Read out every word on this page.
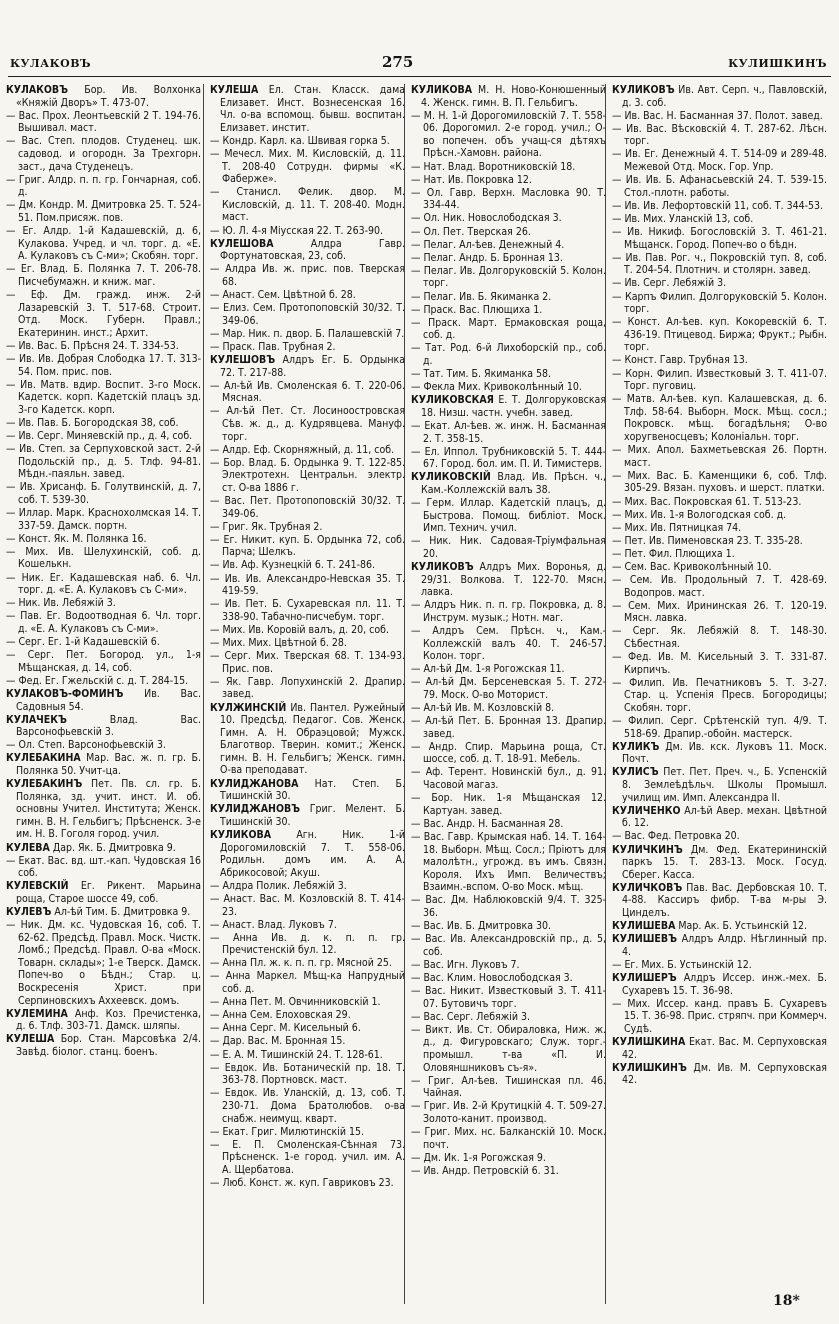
КУЛАКОВЪ	275	КУЛИШКИНЪ
КУЛАКОВЪ Бор. Ив. Волхонка «Княжій Дворъ» Т. 473-07.
— Вас. Прох. Леонтьевскій 2 Т. 194-76. Вышивал. маст.
— Вас. Степ. плодов. Студенец. шк. садовод. и огородн. За Трехгорн. заст., дача Студенецъ.
— Григ. Алдр. п. п. гр. Гончарная, соб. д.
— Дм. Кондр. М. Дмитровка 25. Т. 524-51. Пом.присяж. пов.
— Ег. Алдр. 1-й Кадашевскій, д. 6, Кулакова. Учред. и чл. торг. д. «Е. А. Кулаковъ съ С-ми»; Скобян. торг.
— Ег. Влад. Б. Полянка 7. Т. 206-78. Писчебумажн. и книж. маг.
— Еф. Дм. гражд. инж. 2-й Лазаревскій 3. Т. 517-68. Строит. Отд. Моск. Губерн. Правл.; Екатеринин. инст.; Архит.
— Ив. Вас. Б. Прѣсня 24. Т. 334-53.
— Ив. Ив. Добрая Слободка 17. Т. 313-54. Пом. прис. пов.
— Ив. Матв. вдир. Воспит. 3-го Моск. Кадетск. корп. Кадетскій плацъ зд. 3-го Кадетск. корп.
— Ив. Пав. Б. Богородская 38, соб.
— Ив. Серг. Миняевскій пр., д. 4, соб.
— Ив. Степ. за Серпуховской заст. 2-й Подольскій пр., д. 5. Тлф. 94-81. Мѣдн.-паяльн. завед.
— Ив. Хрисанф. Б. Голутвинскій, д. 7, соб. Т. 539-30.
— Иллар. Марк. Краснохолмская 14. Т. 337-59. Дамск. портн.
— Конст. Як. М. Полянка 16.
— Мих. Ив. Шелухинскій, соб. д. Кошелькн.
— Ник. Ег. Кадашевская наб. 6. Чл. торг. д. «Е. А. Кулаковъ съ С-ми».
— Ник. Ив. Лебяжій 3.
— Пав. Ег. Водоотводная 6. Чл. торг. д. «Е. А. Кулаковъ съ С-ми».
— Серг. Ег. 1-й Кадашевскій 6.
— Серг. Пет. Богород. ул., 1-я Мѣщанская, д. 14, соб.
— Фед. Ег. Гжельскій с. д. Т. 284-15.
КУЛАКОВЪ-ФОМИНЪ Ив. Вас. Садовныя 54.
КУЛАЧЕКЪ Влад. Вас. Варсонофьевскій 3.
— Ол. Степ. Варсонофьевскій 3.
КУЛЕБАКИНА Мар. Вас. ж. п. гр. Б. Полянка 50. Учит-ца.
КУЛЕБАКИНЪ Пет. Пв. сл. гр. Б. Полянка, зд. учит. инст. И. об. основны Учител. Института; Женск. гимн. В. Н. Гельбигъ; Прѣсненск. 3-е им. Н. В. Гоголя город. учил.
КУЛЕВА Дар. Як. Б. Дмитровка 9.
— Екат. Вас. вд. шт.-кап. Чудовская 16 соб.
КУЛЕВСКІЙ Ег. Рикент. Марьина роща, Старое шоссе 49, соб.
КУЛЕВЪ Ал-ѣй Тим. Б. Дмитровка 9.
— Ник. Дм. кс. Чудовская 16, соб. Т. 62-62. Предсѣд. Правл. Моск. Чистк. Ломб.; Предсѣд. Правл. О-ва «Моск. Товарн. склады»; 1-е Тверск. Дамск. Попеч-во о Бѣдн.; Стар. ц. Воскресенія Христ. при Серпиновскихъ Аххеевск. домъ.
КУЛЕМИНА Анф. Коз. Пречистенка, д. 6. Тлф. 303-71. Дамск. шляпы.
КУЛЕША Бор. Стан. Марсовѣка 2/4. Завѣд. біолог. станц. боенъ.
КУЛЕША Ел. Стан. Класск. дама Елизавет. Инст. Вознесенская 16. Чл. о-ва вспомощ. бывш. воспитан. Елизавет. инстит.
— Кондр. Карл. ка. Швивая горка 5.
— Мечесл. Мих. М. Кисловскій, д. 11. Т. 208-40 Сотрудн. фирмы «К. Фаберже».
— Станисл. Фелик. двор. М. Кисловскій, д. 11. Т. 208-40. Модн. маст.
— Ю. Л. 4-я Мiусская 22. Т. 263-90.
КУЛЕШОВА Алдра Гавр. Фортунатовская, 23, соб.
— Алдра Ив. ж. прис. пов. Тверская 68.
— Анаст. Сем. Цвѣтной б. 28.
— Елиз. Сем. Протопоповскій 30/32. Т. 349-06.
— Мар. Ник. п. двор. Б. Палашевскій 7.
— Праск. Пав. Трубная 2.
КУЛЕШОВЪ Алдръ Ег. Б. Ордынка 72. Т. 217-88.
— Ал-ѣй Ив. Смоленская 6. Т. 220-06. Мясная.
— Ал-ѣй Пет. Ст. Лосиноостровская Сѣв. ж. д., д. Кудрявцева. Мануф. торг.
— Алдр. Еф. Скорняжный, д. 11, соб.
— Бор. Влад. Б. Ордынка 9. Т. 122-85. Электротехн. Центральн. электр. ст. О-ва 1886 г.
— Вас. Пет. Протопоповскій 30/32. Т. 349-06.
— Григ. Як. Трубная 2.
— Ег. Никит. куп. Б. Ордынка 72, соб. Парча; Шелкъ.
— Ив. Аф. Кузнецкій 6. Т. 241-86.
— Ив. Ив. Александро-Невская 35. Т. 419-59.
— Ив. Пет. Б. Сухаревская пл. 11. Т. 338-90. Табачно-писчебум. торг.
— Мих. Ив. Коровій валъ, д. 20, соб.
— Мих. Мих. Цвѣтной б. 28.
— Серг. Мих. Тверская 68. Т. 134-93. Прис. пов.
— Як. Гавр. Лопухинскій 2. Драпир. завед.
КУЛЖИНСКІЙ Ив. Пантел. Ружейный 10. Предсѣд. Педагог. Сов. Женск. Гимн. А. Н. Обраэцовой; Мужск. Благотвор. Тверин. комит.; Женск. гимн. В. Н. Гельбигъ; Женск. гимн. О-ва преподават.
КУЛИДЖАНОВА Нат. Степ. Б. Тишинскій 30.
КУЛИДЖАНОВЪ Григ. Мелент. Б. Тишинскій 30.
КУЛИКОВА Агн. Ник. 1-й Дорогомиловскій 7. Т. 558-06. Родильн. домъ им. А. А. Абрикосовой; Акуш.
— Алдра Полик. Лебяжій 3.
— Анаст. Вас. М. Козловскій 8. Т. 414-23.
— Анаст. Влад. Луковъ 7.
— Анна Ив. д. к. п. п. гр. Пречистенскій бул. 12.
— Анна Пл. ж. к. п. п. гр. Мясной 25.
— Анна Маркел. Мѣщ-ка Напрудный соб. д.
— Анна Пет. М. Овчинниковскій 1.
— Анна Сем. Елоховская 29.
— Анна Серг. М. Кисельный 6.
— Дар. Вас. М. Бронная 15.
— Е. А. М. Тишинскій 24. Т. 128-61.
— Евдок. Ив. Ботаническій пр. 18. Т. 363-78. Портновск. маст.
— Евдок. Ив. Уланскій, д. 13, соб. Т. 230-71. Дома Братолюбов. о-ва снабж. неимущ. кварт.
— Екат. Григ. Милютинскій 15.
— Е. П. Смоленская-Сѣнная 73. Прѣсненск. 1-е город. учил. им. А. А. Щербатова.
— Люб. Конст. ж. куп. Гавриковъ 23.
КУЛИКОВА М. Н. Ново-Конюшенный 4. Женск. гимн. В. П. Гельбигъ.
— М. Н. 1-й Дорогомиловскій 7. Т. 558-06. Дорогомил. 2-е город. учил.; О-во попечен. объ учащ-ся дѣтяхъ Прѣсн.-Хамовн. района.
— Нат. Влад. Воротниковскій 18.
— Нат. Ив. Покровка 12.
— Ол. Гавр. Верхн. Масловка 90. Т. 334-44.
— Ол. Ник. Новослободская 3.
— Ол. Пет. Тверская 26.
— Пелаг. Ал-ѣев. Денежный 4.
— Пелаг. Андр. Б. Бронная 13.
— Пелаг. Ив. Долгоруковскій 5. Колон. торг.
— Пелаг. Ив. Б. Якиманка 2.
— Праск. Вас. Плющиха 1.
— Праск. Март. Ермаковская роща, соб. д.
— Тат. Род. 6-й Лихоборскій пр., соб. д.
— Тат. Тим. Б. Якиманка 58.
— Фекла Мих. Кривоколѣнный 10.
КУЛИКОВСКАЯ Е. Т. Долгоруковская 18. Низш. частн. учебн. завед.
— Екат. Ал-ѣев. ж. инж. Н. Басманная 2. Т. 358-15.
— Ел. Иппол. Трубниковскій 5. Т. 444-67. Город. бол. им. П. И. Тимистерв.
КУЛИКОВСКІЙ Влад. Ив. Прѣсн. ч., Кам.-Коллежскій валъ 38.
— Герм. Иллар. Кадетскій плацъ, д. Быстрова. Помощ. библіот. Моск. Имп. Технич. учил.
— Ник. Ник. Садовая-Тріумфальная 20.
КУЛИКОВЪ Алдръ Мих. Воронья, д. 29/31. Волкова. Т. 122-70. Мясн. лавка.
— Алдръ Ник. п. п. гр. Покровка, д. 8. Инструм. музык.; Нотн. маг.
— Алдръ Сем. Прѣсн. ч., Кам.-Коллежскій валъ 40. Т. 246-57. Колон. торг.
— Ал-ѣй Дм. 1-я Рогожская 11.
— Ал-ѣй Дм. Берсеневская 5. Т. 272-79. Моск. О-во Моторист.
— Ал-ѣй Ив. М. Козловскій 8.
— Ал-ѣй Пет. Б. Бронная 13. Драпир. завед.
— Андр. Спир. Марьина роща, Ст. шоссе, соб. д. Т. 18-91. Мебель.
— Аф. Терент. Новинскій бул., д. 91. Часовой магаз.
— Бор. Ник. 1-я Мѣщанская 12. Картуан. завед.
— Вас. Андр. Н. Басманная 28.
— Вас. Гавр. Крымская наб. 14. Т. 164-18. Выборн. Мѣщ. Сосл.; Пріютъ для малолѣтн., угрожд. въ имъ. Связн. Короля. Ихъ Имп. Величествъ; Взаимн.-вспом. О-во Моск. мѣщ.
— Вас. Дм. Наблюковскій 9/4. Т. 325-36.
— Вас. Ив. Б. Дмитровка 30.
— Вас. Ив. Александровскій пр., д. 5, соб.
— Вас. Игн. Луковъ 7.
— Вас. Клим. Новослободская 3.
— Вас. Никит. Известковый 3. Т. 411-07. Бутовичъ торг.
— Вас. Серг. Лебяжій 3.
— Викт. Ив. Ст. Обираловка, Ниж. ж. д., д. Фигуровскаго; Служ. торг.-промышл. т-ва «П. И. Оловяншниковъ съ-я».
— Григ. Ал-ѣев. Тишинская пл. 46. Чайная.
— Григ. Ив. 2-й Крутицкій 4. Т. 509-27. Золото-канит. производ.
— Григ. Мих. нс. Балканскій 10. Моск. почт.
— Дм. Ик. 1-я Рогожская 9.
— Ив. Андр. Петровскій 6. 31.
КУЛИКОВЪ Ив. Авт. Серп. ч., Павловскій, д. 3. соб.
— Ив. Вас. Н. Басманная 37. Полот. завед.
— Ив. Вас. Вѣсковскій 4. Т. 287-62. Лѣсн. торг.
— Ив. Ег. Денежный 4. Т. 514-09 и 289-48. Межевой Отд. Моск. Гор. Упр.
— Ив. Ив. Б. Афанасьевскій 24. Т. 539-15. Стол.-плотн. работы.
— Ив. Ив. Лефортовскій 11, соб. Т. 344-53.
— Ив. Мих. Уланскій 13, соб.
— Ив. Никиф. Богословскій 3. Т. 461-21. Мѣщанск. Город. Попеч-во о бѣдн.
— Ив. Пав. Рог. ч., Покровскій туп. 8, соб. Т. 204-54. Плотнич. и столярн. завед.
— Ив. Серг. Лебяжій 3.
— Карпъ Филип. Долгоруковскій 5. Колон. торг.
— Конст. Ал-ѣев. куп. Кокоревскій 6. Т. 436-19. Птицевод. Биржа; Фрукт.; Рыбн. торг.
— Конст. Гавр. Трубная 13.
— Корн. Филип. Известковый 3. Т. 411-07. Торг. пуговиц.
— Матв. Ал-ѣев. куп. Калашевская, д. 6. Тлф. 58-64. Выборн. Моск. Мѣщ. сосл.; Покровск. мѣщ. богадѣльня; О-во хоругвеносцевъ; Колоніальн. торг.
— Мих. Апол. Бахметьевская 26. Портн. маст.
— Мих. Вас. Б. Каменщики 6, соб. Тлф. 305-29. Вязан. пуховъ. и шерст. платки.
— Мих. Вас. Покровская 61. Т. 513-23.
— Мих. Ив. 1-я Вологодская соб. д.
— Мих. Ив. Пятницкая 74.
— Пет. Ив. Пименовская 23. Т. 335-28.
— Пет. Фил. Плющиха 1.
— Сем. Вас. Кривоколѣнный 10.
— Сем. Ив. Продольный 7. Т. 428-69. Водопров. маст.
— Сем. Мих. Ирининская 26. Т. 120-19. Мясн. лавка.
— Серг. Як. Лебяжій 8. Т. 148-30. Сѣбестная.
— Фед. Ив. М. Кисельный 3. Т. 331-87. Кирпичъ.
— Филип. Ив. Печатниковъ 5. Т. 3-27. Стар. ц. Успенія Пресв. Богородицы; Скобян. торг.
— Филип. Серг. Срѣтенскій туп. 4/9. Т. 518-69. Драпир.-обойн. мастерск.
КУЛИКЪ Дм. Ив. кск. Луковъ 11. Моск. Почт.
КУЛИСЪ Пет. Пет. Преч. ч., Б. Успенскій 8. Землеѣдѣльч. Школы Промышл. училищ им. Имп. Александра II.
КУЛИЧЕНКО Ал-ѣй Авер. механ. Цвѣтной б. 12.
— Вас. Фед. Петровка 20.
КУЛИЧКИНЪ Дм. Фед. Екатерининскій паркъ 15. Т. 283-13. Моск. Госуд. Сберег. Касса.
КУЛИЧКОВЪ Пав. Вас. Дербовская 10. Т. 4-88. Кассиръ фибр. Т-ва м-ры Э. Цинделъ.
КУЛИШЕВА Мар. Ак. Б. Устьинскій 12.
КУЛИШЕВЪ Алдръ Алдр. Нѣглинный пр. 4.
— Ег. Мих. Б. Устьинскій 12.
КУЛИШЕРЪ Алдръ Иссер. инж.-мех. Б. Сухаревъ 15. Т. 36-98.
— Мих. Иссер. канд. правъ Б. Сухаревъ 15. Т. 36-98. Прис. стряпч. при Коммерч. Судѣ.
КУЛИШКИНА Екат. Вас. М. Серпуховская 42.
КУЛИШКИНЪ Дм. Ив. М. Серпуховская 42.
18*
